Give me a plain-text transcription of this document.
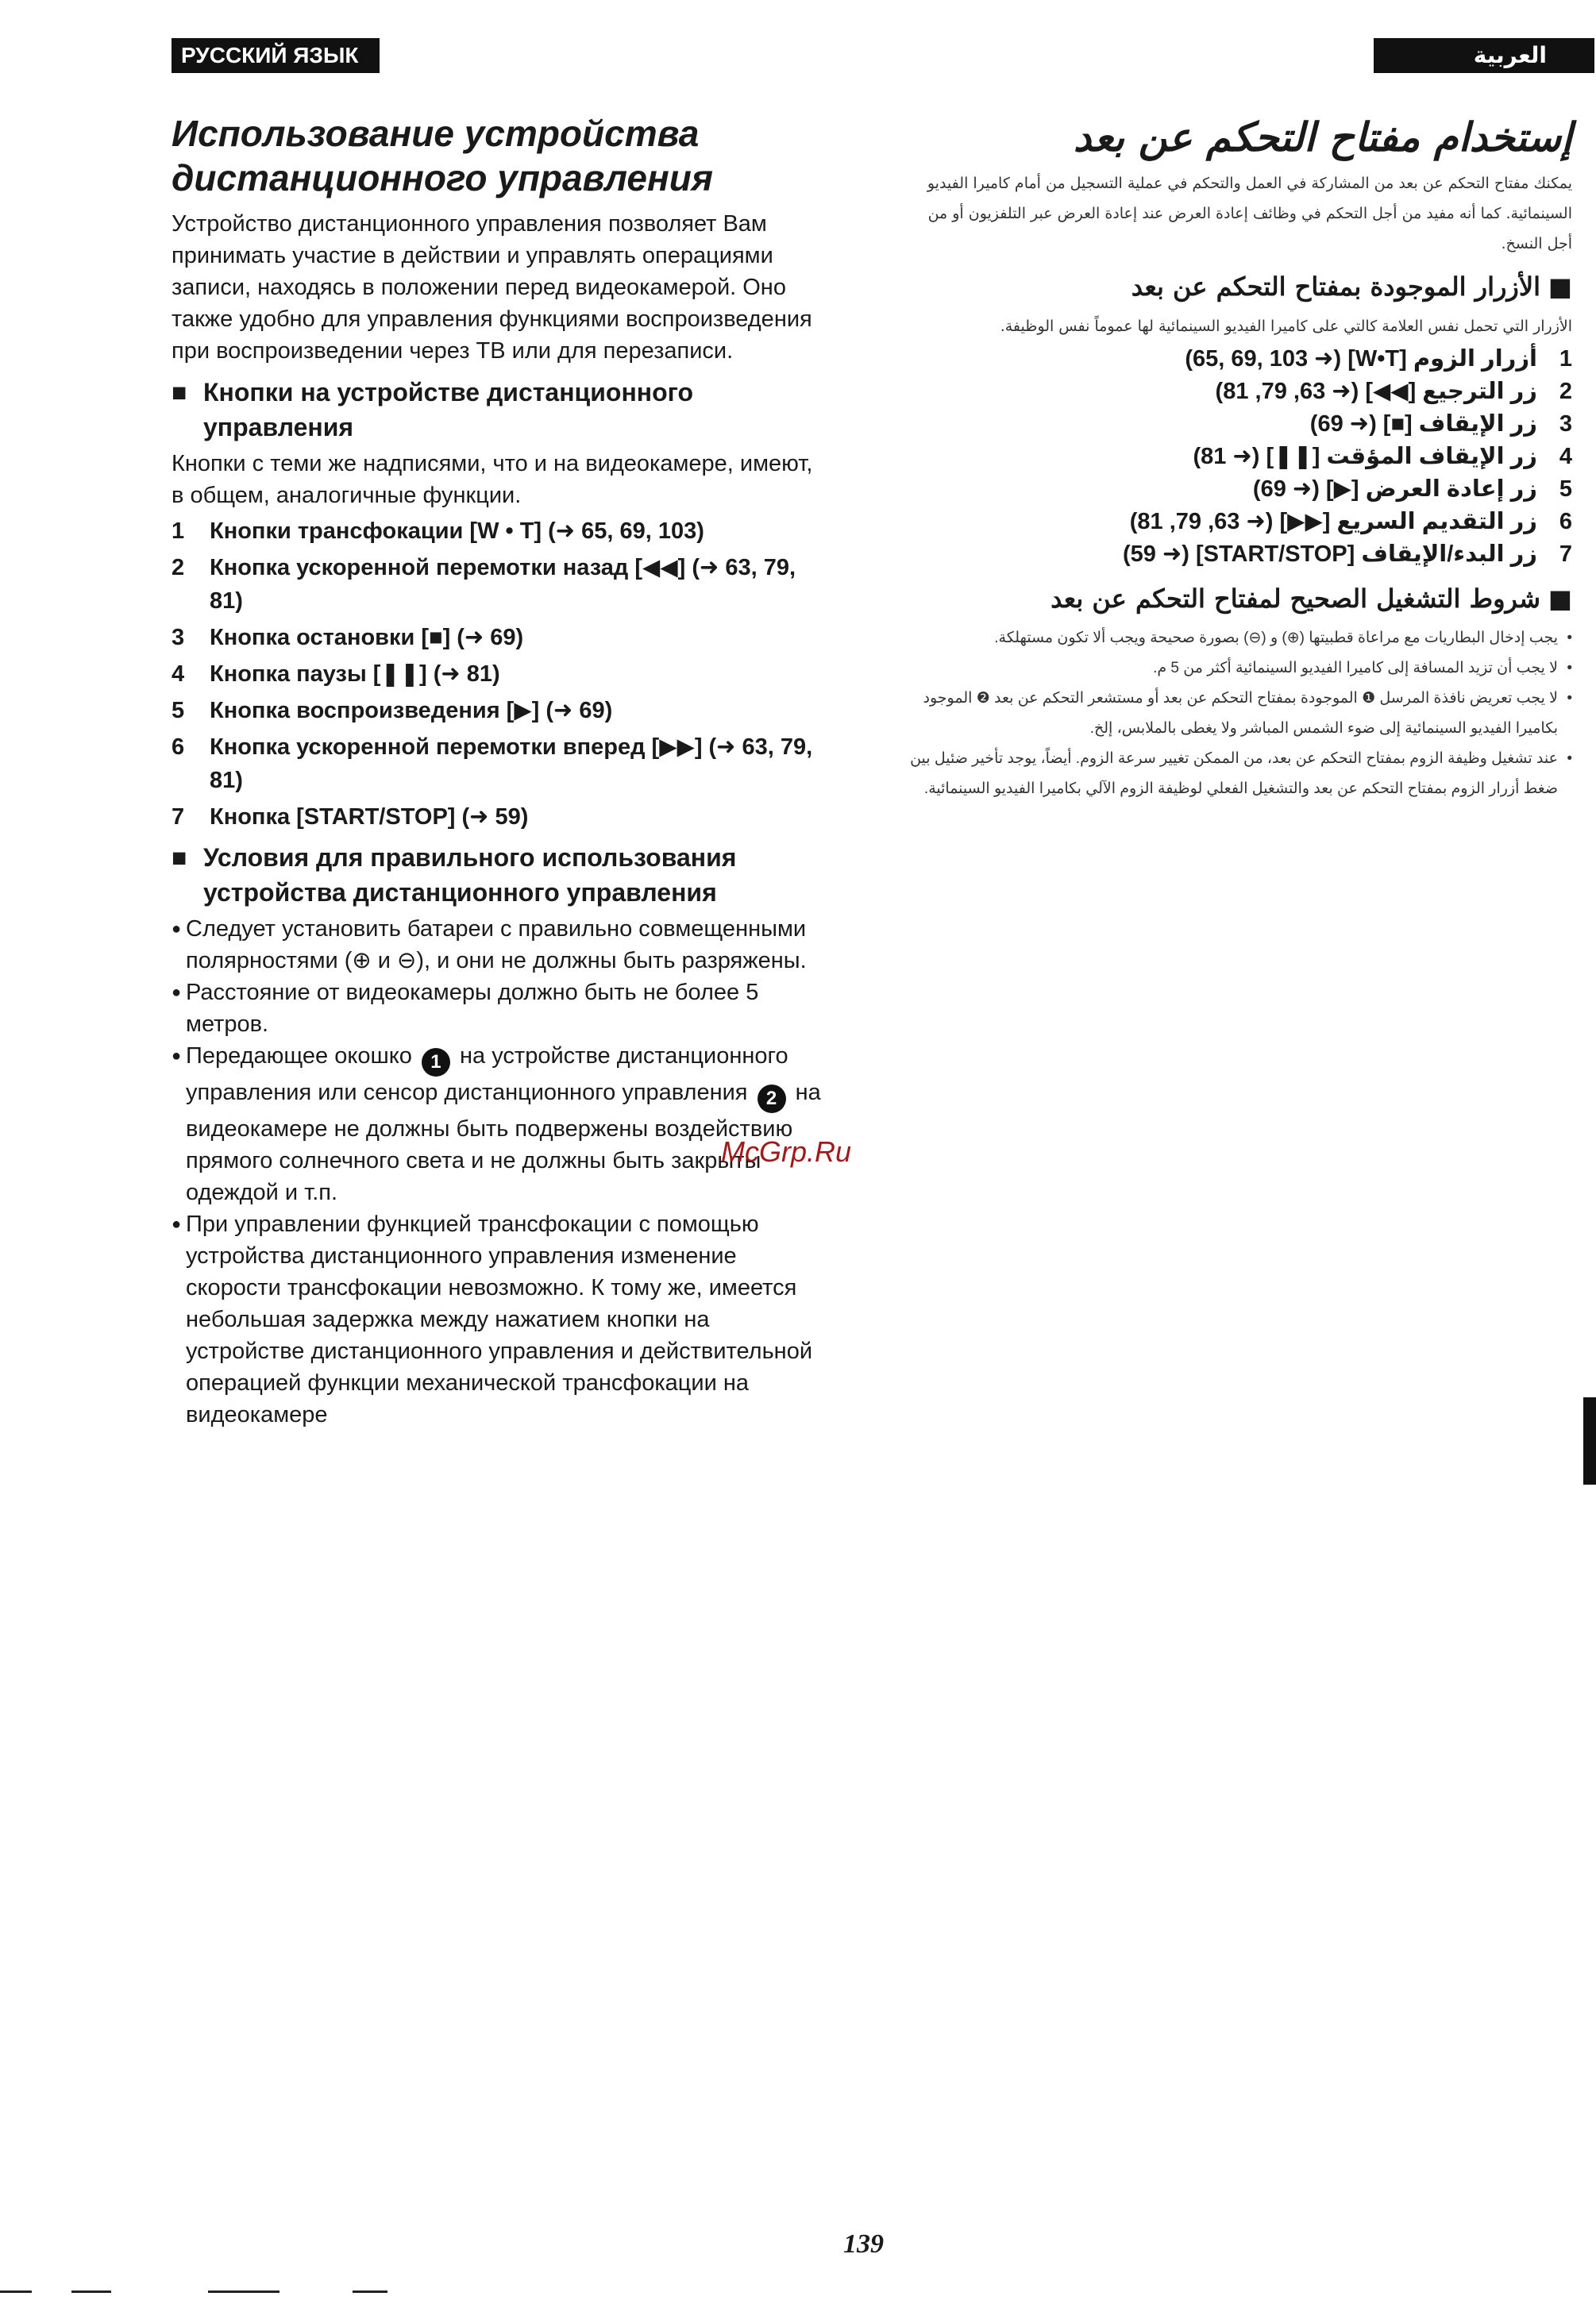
РУССКИЙ ЯЗЫК	العربية
Использование устройства
дистанционного управления

Устройство дистанционного управления позволяет Вам принимать участие в действии и управлять операциями записи, находясь в положении перед видеокамерой. Оно также удобно для управления функциями воспроизведения при воспроизведении через ТВ или для перезаписи.

■ Кнопки на устройстве дистанционного управления

Кнопки с теми же надписями, что и на видеокамере, имеют, в общем, аналогичные функции.

1	Кнопки трансфокации [W • T] (➜ 65, 69, 103)
2	Кнопка ускоренной перемотки назад [◀◀] (➜ 63, 79, 81)
3	Кнопка остановки [■] (➜ 69)
4	Кнопка паузы [❚❚] (➜ 81)
5	Кнопка воспроизведения [▶] (➜ 69)
6	Кнопка ускоренной перемотки вперед [▶▶] (➜ 63, 79, 81)
7	Кнопка [START/STOP] (➜ 59)
■ Условия для правильного использования устройства дистанционного управления
● Следует установить батареи с правильно совмещенными полярностями (⊕ и ⊖), и они не должны быть разряжены.
● Расстояние от видеокамеры должно быть не более 5 метров.
● Передающее окошко 1 на устройстве дистанционного управления или сенсор дистанционного управления 2 на видеокамере не должны быть подвержены воздействию прямого солнечного света и не должны быть закрыты одеждой и т.п.
● При управлении функцией трансфокации с помощью устройства дистанционного управления изменение скорости трансфокации невозможно. К тому же, имеется небольшая задержка между нажатием кнопки на устройстве дистанционного управления и действительной операцией функции механической трансфокации на видеокамере
إستخدام مفتاح التحكم عن بعد

يمكنك مفتاح التحكم عن بعد من المشاركة في العمل والتحكم في عملية التسجيل من أمام كاميرا الفيديو السينمائية. كما أنه مفيد من أجل التحكم في وظائف إعادة العرض عند إعادة العرض عبر التلفزيون أو من أجل النسخ.

■
الأزرار الموجودة بمفتاح التحكم عن بعد

الأزرار التي تحمل نفس العلامة كالتي على كاميرا الفيديو السينمائية لها عموماً نفس الوظيفة.

1
أزرار الزوم [W•T] (➜ 65, 69, 103)
2
زر الترجيع [◀◀] (➜ 63, 79, 81)
3
زر الإيقاف [■] (➜ 69)
4
زر الإيقاف المؤقت [❚❚] (➜ 81)
5
زر إعادة العرض [▶] (➜ 69)
6
زر التقديم السريع [▶▶] (➜ 63, 79, 81)
7
زر البدء/الإيقاف [START/STOP] (➜ 59)
■
شروط التشغيل الصحيح لمفتاح التحكم عن بعد
•
يجب إدخال البطاريات مع مراعاة قطبيتها (⊕) و (⊖) بصورة صحيحة ويجب ألا تكون مستهلكة.
•
لا يجب أن تزيد المسافة إلى كاميرا الفيديو السينمائية أكثر من 5 م.
•
لا يجب تعريض نافذة المرسل ❶ الموجودة بمفتاح التحكم عن بعد أو مستشعر التحكم عن بعد ❷ الموجود بكاميرا الفيديو السينمائية إلى ضوء الشمس المباشر ولا يغطى بالملابس، إلخ.
•
عند تشغيل وظيفة الزوم بمفتاح التحكم عن بعد، من الممكن تغيير سرعة الزوم. أيضاً، يوجد تأخير ضئيل بين ضغط أزرار الزوم بمفتاح التحكم عن بعد والتشغيل الفعلي لوظيفة الزوم الآلي بكاميرا الفيديو السينمائية.
McGrp.Ru
139
